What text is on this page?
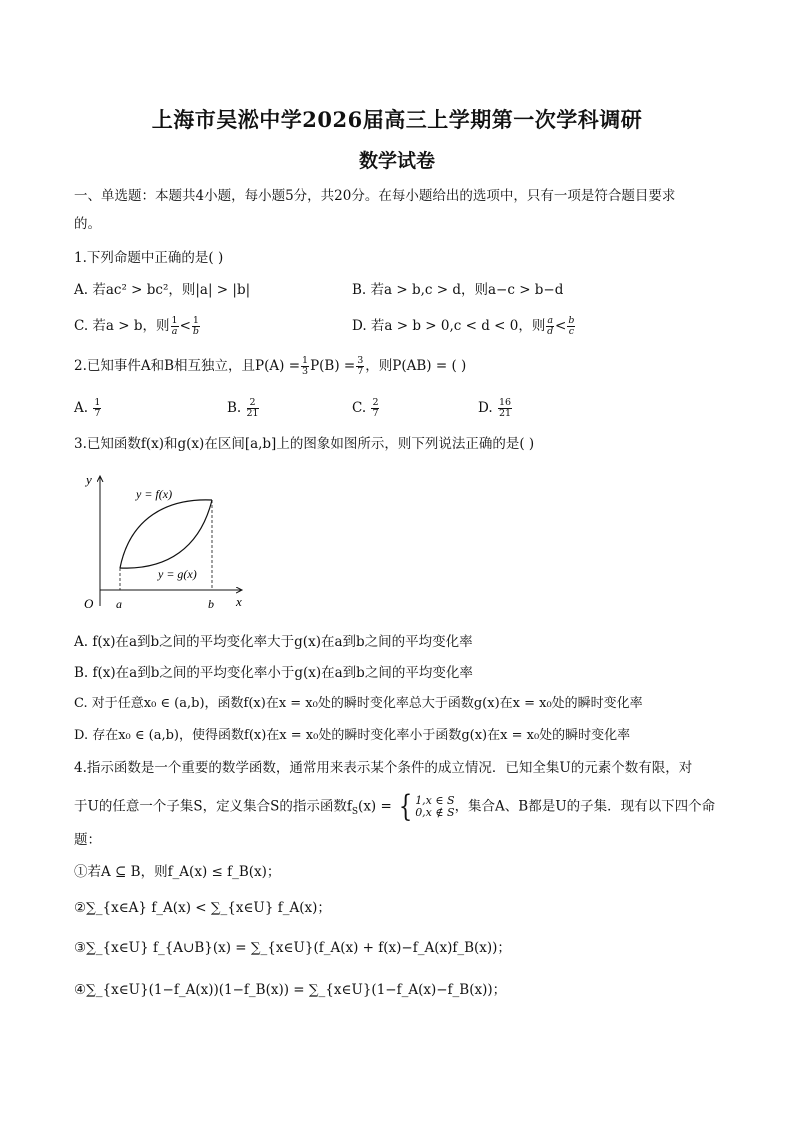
上海市吴淞中学2026届高三上学期第一次学科调研
数学试卷
一、单选题：本题共4小题，每小题5分，共20分。在每小题给出的选项中，只有一项是符合题目要求
的。
1.下列命题中正确的是( )
A. 若ac² > bc²，则|a| > |b|	B. 若a > b,c > d，则a−c > b−d
C. 若a > b，则 $\frac{1}{a} < \frac{1}{b}$	D. 若a > b > 0,c < d < 0，则 $\frac{a}{d} < \frac{b}{c}$
2.已知事件A和B相互独立，且$P(A) = \frac{1}{3} P(B) = \frac{3}{7}$ ，则P(AB) = ( )
A. $\frac{1}{7}$	B. $\frac{2}{21}$	C. $\frac{2}{7}$	D. $\frac{16}{21}$
3.已知函数f(x)和g(x)在区间[a,b]上的图象如图所示，则下列说法正确的是( )
y
x
O a	b
y = f(x)
y = g(x)
A. f(x)在a到b之间的平均变化率大于g(x)在a到b之间的平均变化率
B. f(x)在a到b之间的平均变化率小于g(x)在a到b之间的平均变化率
C. 对于任意x₀ ∈ (a,b)，函数f(x)在x = x₀处的瞬时变化率总大于函数g(x)在x = x₀处的瞬时变化率
D. 存在x₀ ∈ (a,b)，使得函数f(x)在x = x₀处的瞬时变化率小于函数g(x)在x = x₀处的瞬时变化率
4.指示函数是一个重要的数学函数，通常用来表示某个条件的成立情况．已知全集U的元素个数有限，对
于U的任意一个子集S，定义集合S的指示函数$f_S(x)$ = { 1,x ∈ S
0,x ∉ S ，集合A、B都是U的子集．现有以下四个命
题：
①若A ⊆ B，则f_A(x) ≤ f_B(x)；
②∑_{x∈A} f_A(x) < ∑_{x∈U} f_A(x)；
③∑_{x∈U} f_{A∪B}(x) = ∑_{x∈U}(f_A(x) + f(x)−f_A(x)f_B(x))；
④∑_{x∈U}(1−f_A(x))(1−f_B(x)) = ∑_{x∈U}(1−f_A(x)−f_B(x))；
